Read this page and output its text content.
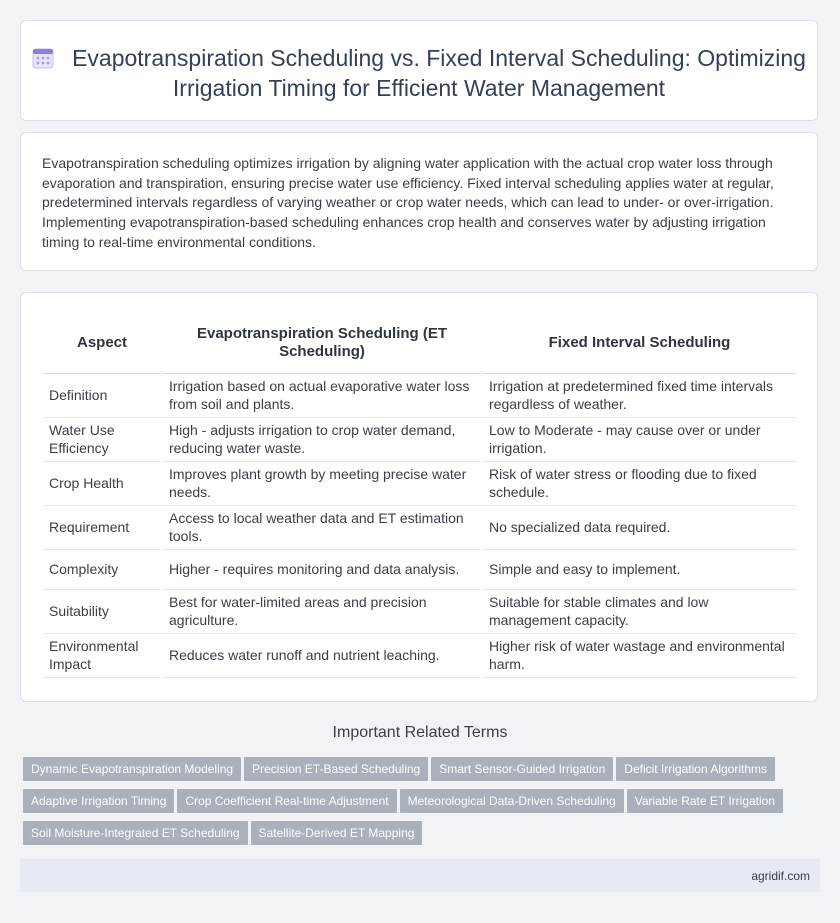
Evapotranspiration Scheduling vs. Fixed Interval Scheduling: Optimizing Irrigation Timing for Efficient Water Management

Evapotranspiration scheduling optimizes irrigation by aligning water application with the actual crop water loss through evaporation and transpiration, ensuring precise water use efficiency. Fixed interval scheduling applies water at regular, predetermined intervals regardless of varying weather or crop water needs, which can lead to under- or over-irrigation. Implementing evapotranspiration-based scheduling enhances crop health and conserves water by adjusting irrigation timing to real-time environmental conditions.

Aspect	Evapotranspiration Scheduling (ET Scheduling)	Fixed Interval Scheduling
Definition	Irrigation based on actual evaporative water loss from soil and plants.	Irrigation at predetermined fixed time intervals regardless of weather.
Water Use Efficiency	High - adjusts irrigation to crop water demand, reducing water waste.	Low to Moderate - may cause over or under irrigation.
Crop Health	Improves plant growth by meeting precise water needs.	Risk of water stress or flooding due to fixed schedule.
Requirement	Access to local weather data and ET estimation tools.	No specialized data required.
Complexity	Higher - requires monitoring and data analysis.	Simple and easy to implement.
Suitability	Best for water-limited areas and precision agriculture.	Suitable for stable climates and low management capacity.
Environmental Impact	Reduces water runoff and nutrient leaching.	Higher risk of water wastage and environmental harm.
Important Related Terms
Dynamic Evapotranspiration Modeling Precision ET-Based Scheduling Smart Sensor-Guided Irrigation Deficit Irrigation AlgorithmsAdaptive Irrigation Timing Crop Coefficient Real-time Adjustment Meteorological Data-Driven Scheduling Variable Rate ET IrrigationSoil Moisture-Integrated ET Scheduling Satellite-Derived ET Mapping
agridif.com
